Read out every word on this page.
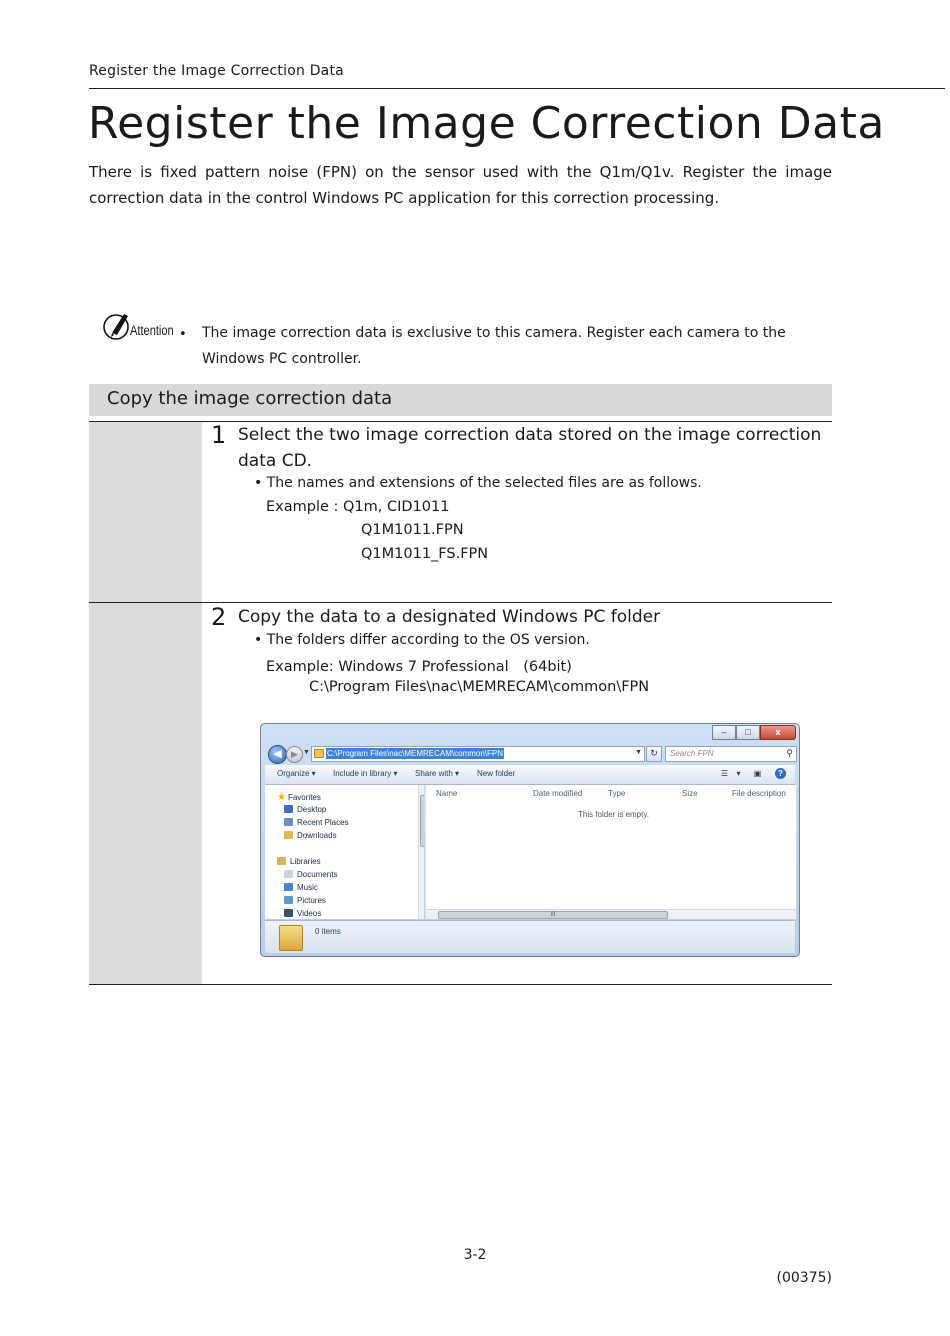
Register the Image Correction Data
Register the Image Correction Data

There is fixed pattern noise (FPN) on the sensor used with the Q1m/Q1v. Register the image correction data in the control Windows PC application for this correction processing.

Attention • The image correction data is exclusive to this camera. Register each camera to the Windows PC controller.

Copy the image correction data
1 Select the two image correction data stored on the image correction data CD.

• The names and extensions of the selected files are as follows.
Example : Q1m, CID1011
Q1M1011.FPN
Q1M1011_FS.FPN
2 Copy the data to a designated Windows PC folder

• The folders differ according to the OS version.
Example: Windows 7 Professional　(64bit)
C:\Program Files\nac\MEMRECAM\common\FPN
–	□	x
◀	▶ ▼ C:\Program Files\nac\MEMRECAM\common\FPN	▼ ↻	Search FPN	⚲
Organize ▾ Include in library ▾ Share with ▾ New folder	☰	▾	▣	?
★ Favorites
Desktop
Recent Places
Downloads
Libraries
Documents
Music
Pictures
Videos
Name	Date modified	Type	Size	File description
This folder is empty.
III
0 items
3-2
(00375)
